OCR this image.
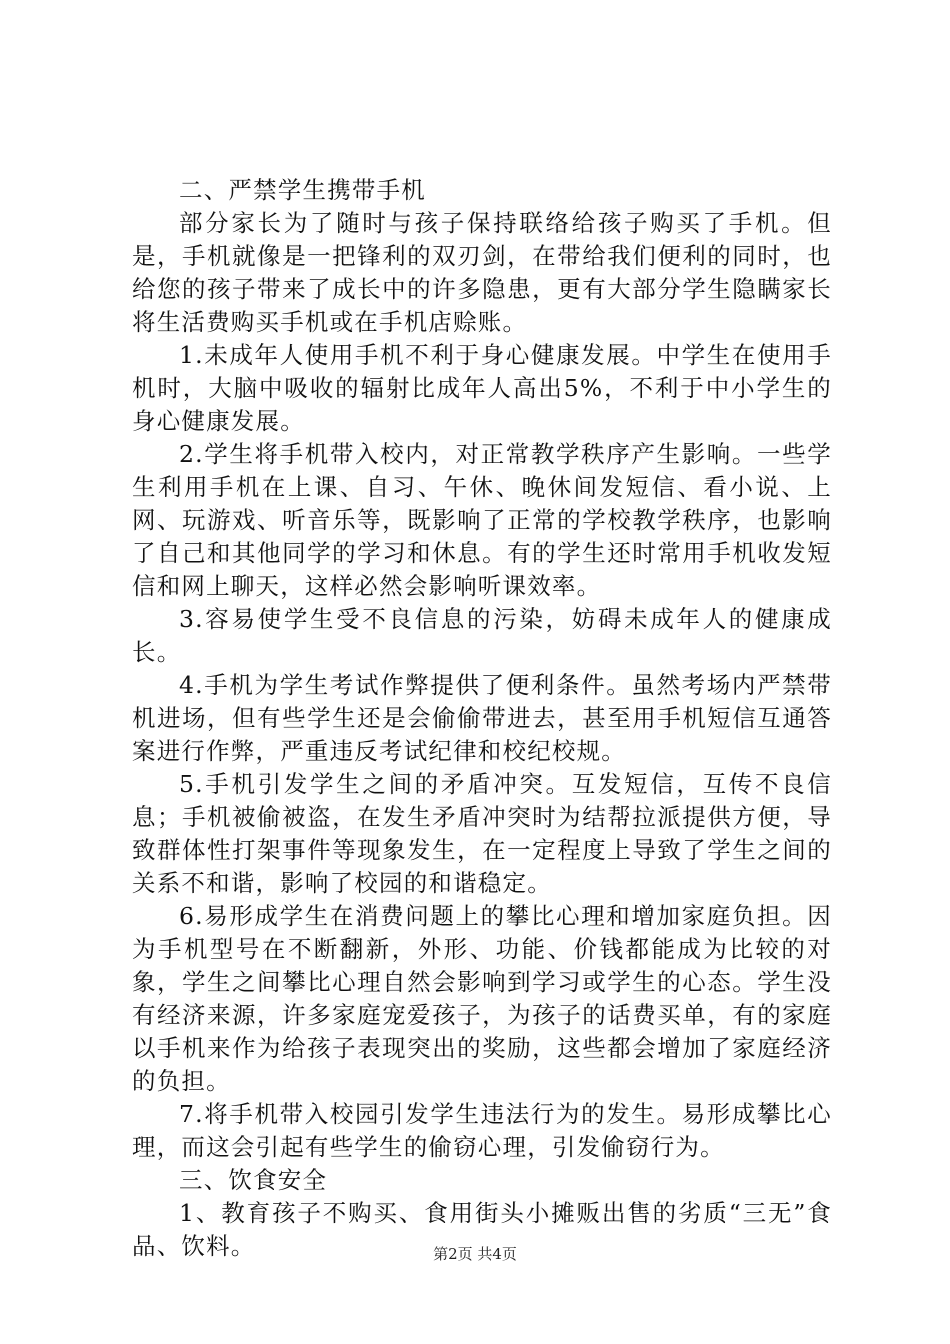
二、严禁学生携带手机

部分家长为了随时与孩子保持联络给孩子购买了手机。但是，手机就像是一把锋利的双刃剑，在带给我们便利的同时，也给您的孩子带来了成长中的许多隐患，更有大部分学生隐瞒家长将生活费购买手机或在手机店赊账。

1.未成年人使用手机不利于身心健康发展。中学生在使用手机时，大脑中吸收的辐射比成年人高出5%，不利于中小学生的身心健康发展。

2.学生将手机带入校内，对正常教学秩序产生影响。一些学生利用手机在上课、自习、午休、晚休间发短信、看小说、上网、玩游戏、听音乐等，既影响了正常的学校教学秩序，也影响了自己和其他同学的学习和休息。有的学生还时常用手机收发短信和网上聊天，这样必然会影响听课效率。

3.容易使学生受不良信息的污染，妨碍未成年人的健康成长。

4.手机为学生考试作弊提供了便利条件。虽然考场内严禁带机进场，但有些学生还是会偷偷带进去，甚至用手机短信互通答案进行作弊，严重违反考试纪律和校纪校规。

5.手机引发学生之间的矛盾冲突。互发短信，互传不良信息；手机被偷被盗，在发生矛盾冲突时为结帮拉派提供方便，导致群体性打架事件等现象发生，在一定程度上导致了学生之间的关系不和谐，影响了校园的和谐稳定。

6.易形成学生在消费问题上的攀比心理和增加家庭负担。因为手机型号在不断翻新，外形、功能、价钱都能成为比较的对象，学生之间攀比心理自然会影响到学习或学生的心态。学生没有经济来源，许多家庭宠爱孩子，为孩子的话费买单，有的家庭以手机来作为给孩子表现突出的奖励，这些都会增加了家庭经济的负担。

7.将手机带入校园引发学生违法行为的发生。易形成攀比心理，而这会引起有些学生的偷窃心理，引发偷窃行为。

三、饮食安全

1、教育孩子不购买、食用街头小摊贩出售的劣质“三无”食品、饮料。	第2页 共4页
